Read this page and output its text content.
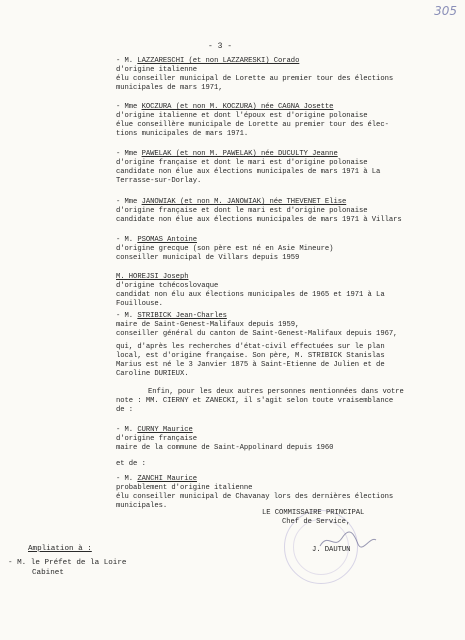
305
- 3 -
- M. LAZZARESCHI (et non LAZZARESKI) Corado
d'origine italienne
élu conseiller municipal de Lorette au premier tour des élections
municipales de mars 1971,
- Mme KOCZURA (et non M. KOCZURA) née CAGNA Josette
d'origine italienne et dont l'époux est d'origine polonaise
élue conseillère municipale de Lorette au premier tour des élec-
tions municipales de mars 1971.
- Mme PAWELAK (et non M. PAWELAK) née DUCULTY Jeanne
d'origine française et dont le mari est d'origine polonaise
candidate non élue aux élections municipales de mars 1971 à La
Terrasse-sur-Dorlay.
- Mme JANOWIAK (et non M. JANOWIAK) née THEVENET Elise
d'origine française et dont le mari est d'origine polonaise
candidate non élue aux élections municipales de mars 1971 à Villars
- M. PSOMAS Antoine
d'origine grecque (son père est né en Asie Mineure)
conseiller municipal de Villars depuis 1959
M. HOREJSI Joseph
d'origine tchécoslovaque
candidat non élu aux élections municipales de 1965 et 1971 à La
Fouillouse.
- M. STRIBICK Jean-Charles
maire de Saint-Genest-Malifaux depuis 1959,
conseiller général du canton de Saint-Genest-Malifaux depuis 1967,
qui, d'après les recherches d'état-civil effectuées sur le plan
local, est d'origine française. Son père, M. STRIBICK Stanislas
Marius est né le 3 Janvier 1875 à Saint-Etienne de Julien et de
Caroline DURIEUX.
Enfin, pour les deux autres personnes mentionnées dans votre
note : MM. CIERNY et ZANECKI, il s'agit selon toute vraisemblance
de :
- M. CURNY Maurice
d'origine française
maire de la commune de Saint-Appolinard depuis 1960
et de :
- M. ZANCHI Maurice
probablement d'origine italienne
élu conseiller municipal de Chavanay lors des dernières élections
municipales.
LE COMMISSAIRE PRINCIPAL
Chef de Service,
J. DAUTUN
Ampliation à :
- M. le Préfet de la Loire
Cabinet
